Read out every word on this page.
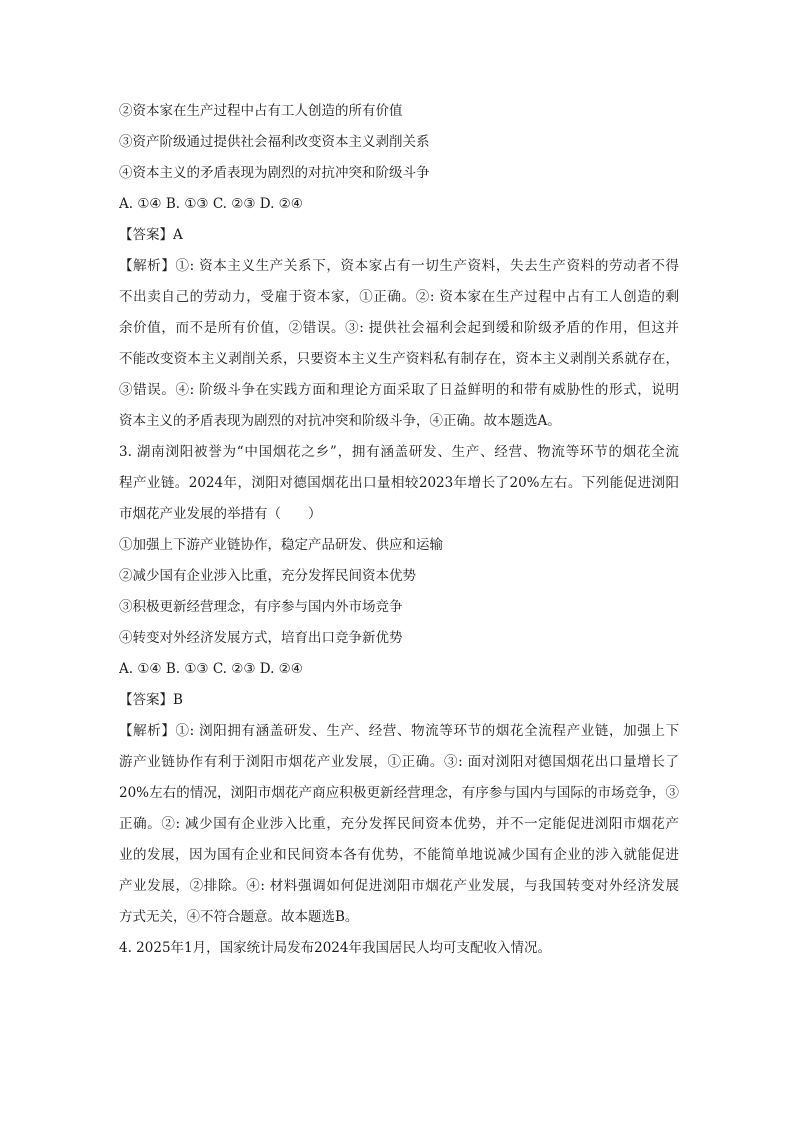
②资本家在生产过程中占有工人创造的所有价值
③资产阶级通过提供社会福利改变资本主义剥削关系
④资本主义的矛盾表现为剧烈的对抗冲突和阶级斗争
A. ①④ B. ①③ C. ②③ D. ②④
【答案】A
【解析】①: 资本主义生产关系下，资本家占有一切生产资料，失去生产资料的劳动者不得
不出卖自己的劳动力，受雇于资本家，①正确。②: 资本家在生产过程中占有工人创造的剩
余价值，而不是所有价值，②错误。③: 提供社会福利会起到缓和阶级矛盾的作用，但这并
不能改变资本主义剥削关系，只要资本主义生产资料私有制存在，资本主义剥削关系就存在，
③错误。④: 阶级斗争在实践方面和理论方面采取了日益鲜明的和带有威胁性的形式，说明
资本主义的矛盾表现为剧烈的对抗冲突和阶级斗争，④正确。故本题选A。
3. 湖南浏阳被誉为“中国烟花之乡”，拥有涵盖研发、生产、经营、物流等环节的烟花全流
程产业链。2024年，浏阳对德国烟花出口量相较2023年增长了20%左右。下列能促进浏阳
市烟花产业发展的举措有（　　）
①加强上下游产业链协作，稳定产品研发、供应和运输
②减少国有企业涉入比重，充分发挥民间资本优势
③积极更新经营理念，有序参与国内外市场竞争
④转变对外经济发展方式，培育出口竞争新优势
A. ①④ B. ①③ C. ②③ D. ②④
【答案】B
【解析】①: 浏阳拥有涵盖研发、生产、经营、物流等环节的烟花全流程产业链，加强上下
游产业链协作有利于浏阳市烟花产业发展，①正确。③: 面对浏阳对德国烟花出口量增长了
20%左右的情况，浏阳市烟花产商应积极更新经营理念，有序参与国内与国际的市场竞争，③
正确。②: 减少国有企业涉入比重，充分发挥民间资本优势，并不一定能促进浏阳市烟花产
业的发展，因为国有企业和民间资本各有优势，不能简单地说减少国有企业的涉入就能促进
产业发展，②排除。④: 材料强调如何促进浏阳市烟花产业发展，与我国转变对外经济发展
方式无关，④不符合题意。故本题选B。
4. 2025年1月，国家统计局发布2024年我国居民人均可支配收入情况。
